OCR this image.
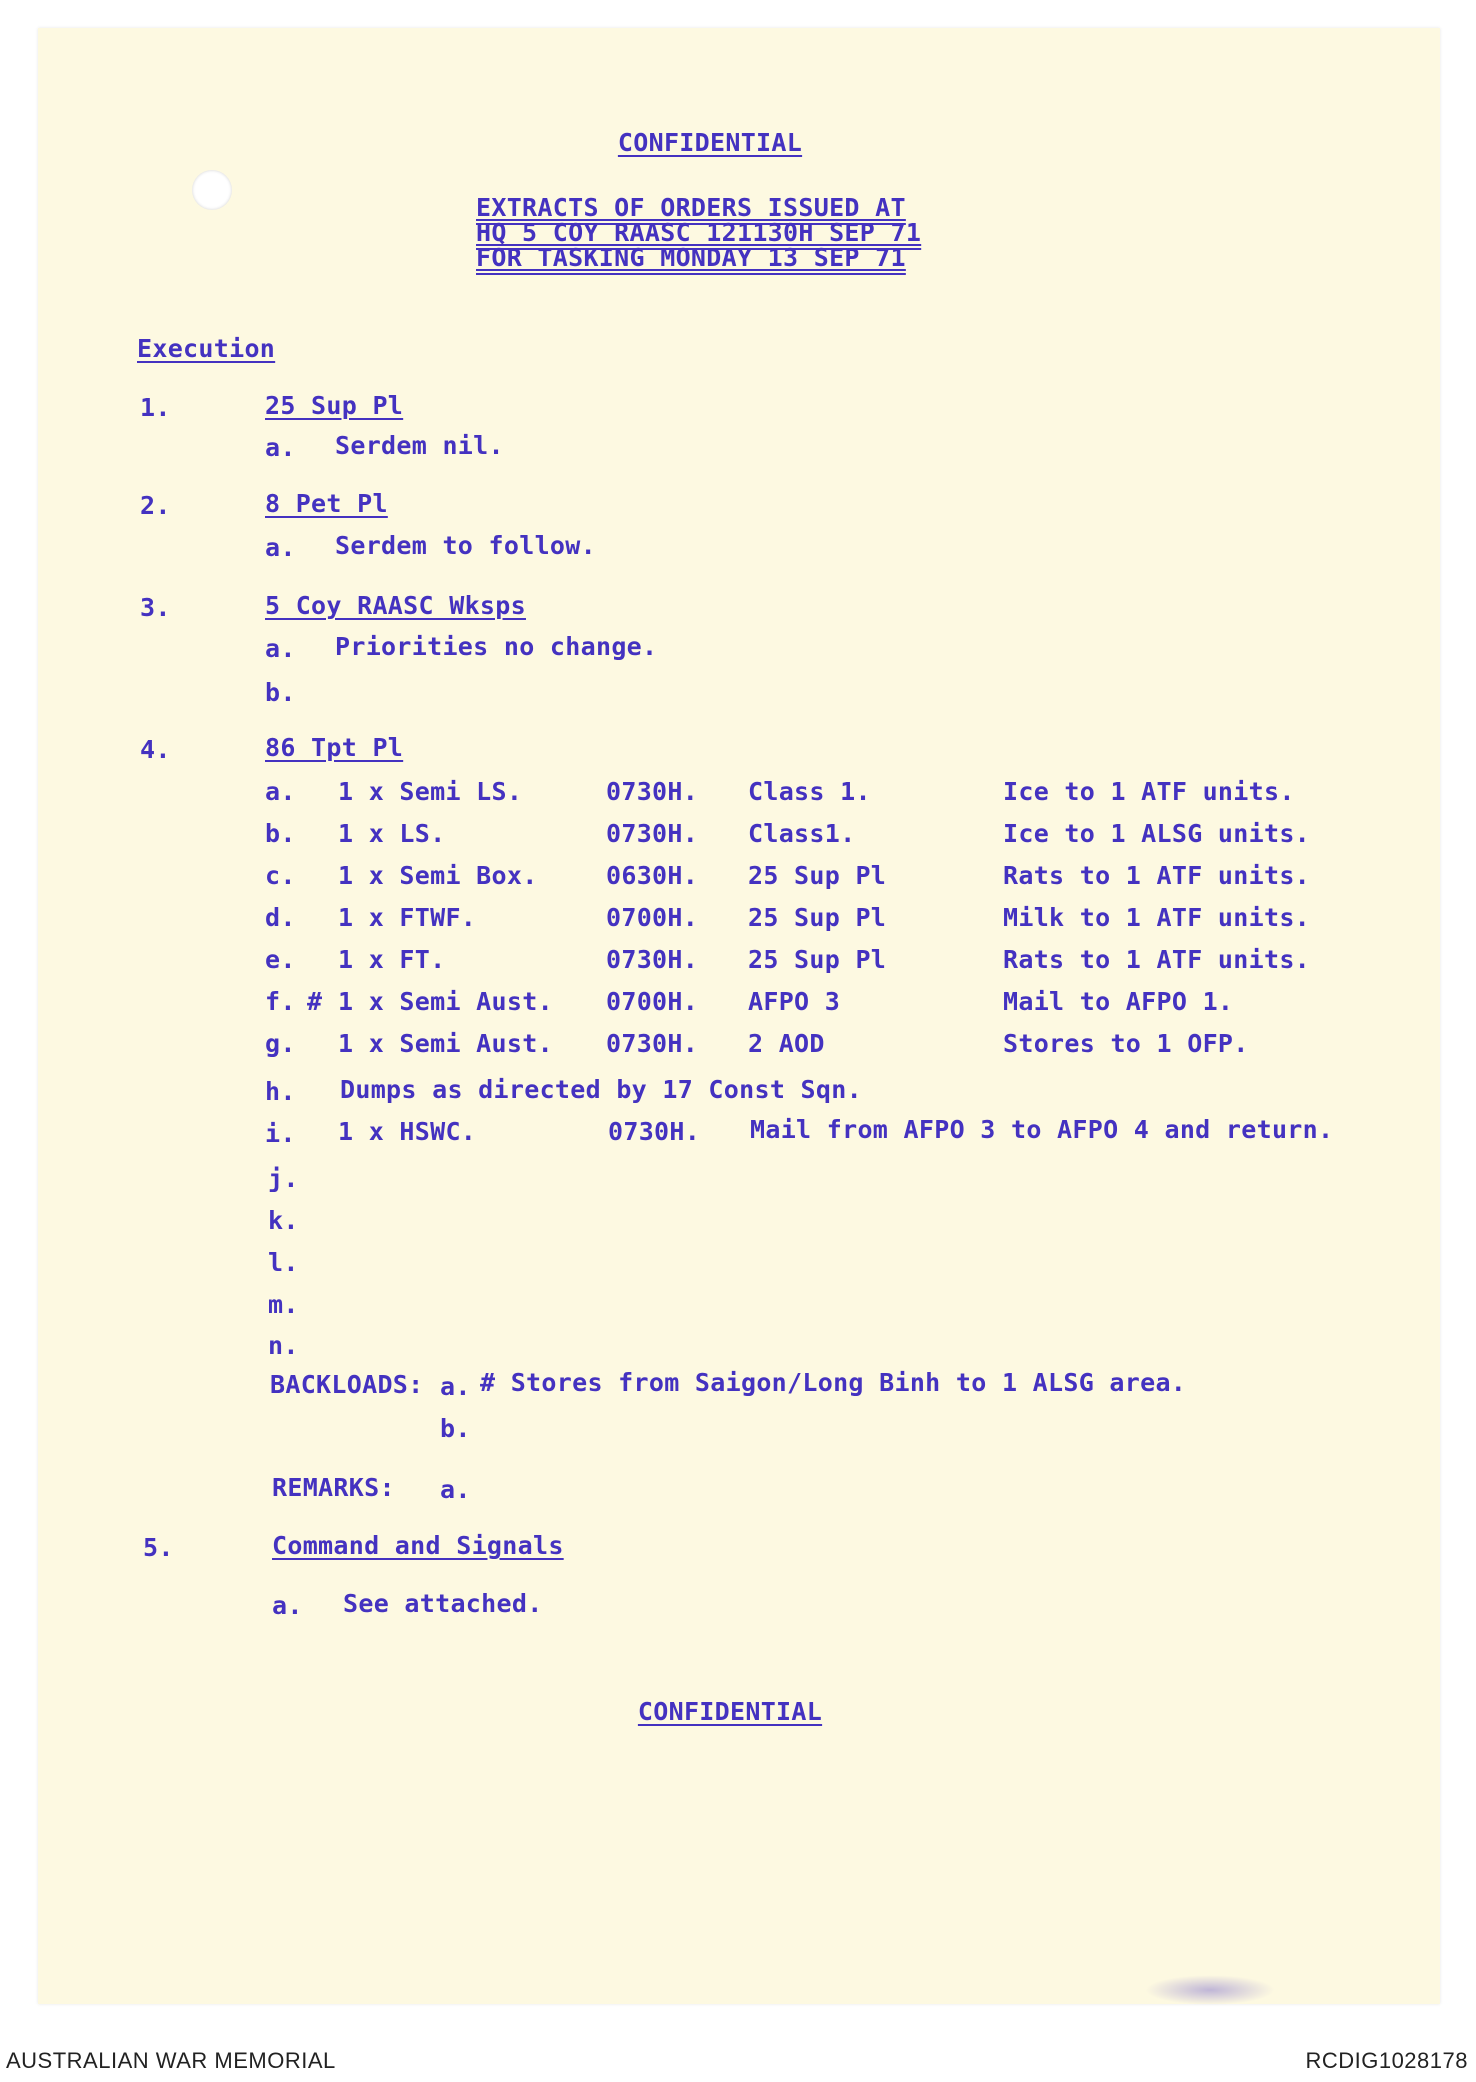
CONFIDENTIAL
EXTRACTS OF ORDERS ISSUED AT
HQ 5 COY RAASC 121130H SEP 71
FOR TASKING MONDAY 13 SEP 71
Execution
1.	25 Sup Pl
a. Serdem nil.
2.	8 Pet Pl
a. Serdem to follow.
3.	5 Coy RAASC Wksps
a. Priorities no change.
b.
4.	86 Tpt Pl
a. 1 x Semi LS.	0730H. Class 1.	Ice to 1 ATF units.
b. 1 x LS.	0730H. Class1.	Ice to 1 ALSG units.
c. 1 x Semi Box.	0630H. 25 Sup Pl	Rats to 1 ATF units.
d. 1 x FTWF.	0700H. 25 Sup Pl	Milk to 1 ATF units.
e. 1 x FT.	0730H. 25 Sup Pl	Rats to 1 ATF units.
f. # 1 x Semi Aust. 0700H. AFPO 3	Mail to AFPO 1.
g. 1 x Semi Aust. 0730H. 2 AOD	Stores to 1 OFP.
h. Dumps as directed by 17 Const Sqn.
i. 1 x HSWC.	0730H. Mail from AFPO 3 to AFPO 4 and return.
j.
k.
l.
m.
n.
BACKLOADS: a. # Stores from Saigon/Long Binh to 1 ALSG area.
b.
REMARKS: a.
5.	Command and Signals
a. See attached.
CONFIDENTIAL
AUSTRALIAN WAR MEMORIAL	RCDIG1028178
